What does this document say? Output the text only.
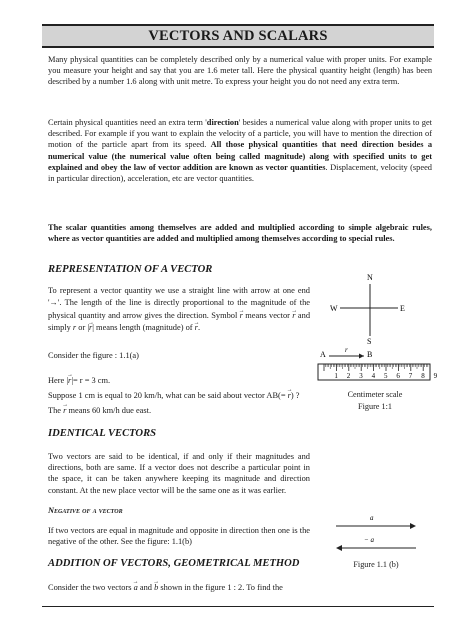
VECTORS AND SCALARS

Many physical quantities can be completely described only by a numerical value with proper units. For example you measure your height and say that you are 1.6 meter tall. Here the physical quantity height (length) has been described by a number 1.6 along with unit metre. To express your height you do not need any extra term.

Certain physical quantities need an extra term 'direction' besides a numerical value along with proper units to get described. For example if you want to explain the velocity of a particle, you will have to mention the direction of motion of the particle apart from its speed. All those physical quantities that need direction besides a numerical value (the numerical value often being called magnitude) along with specified units to get explained and obey the law of vector addition are known as vector quantities. Displacement, velocity (speed in particular direction), acceleration, etc are vector quantities.

The scalar quantities among themselves are added and multiplied according to simple algebraic rules, where as vector quantities are added and multiplied among themselves according to special rules.

REPRESENTATION OF A VECTOR

To represent a vector quantity we use a straight line with arrow at one end '→'. The length of the line is directly proportional to the magnitude of the physical quantity and arrow gives the direction. Symbol → r means vector → r and simply r or |→ r| means length (magnitude) of → r.

Consider the figure : 1.1(a)

Here |→ r|= r = 3 cm.

Suppose 1 cm is equal to 20 km/h, what can be said about vector AB(= → r) ?

The → r means 60 km/h due east.

N
S
E
W
A	B
r
1 2 3 4 5 6 7 8 9

Centimeter scale

Figure 1:1

IDENTICAL VECTORS

Two vectors are said to be identical, if and only if their magnitudes and directions, both are same. If a vector does not describe a particular point in the space, it can be taken anywhere keeping its magnitude and direction constant. At the new place vector will be the same one as it was earlier.

Negative of a vector

If two vectors are equal in magnitude and opposite in direction then one is the negative of the other. See the figure: 1.1(b)

a
− a

Figure 1.1 (b)

ADDITION OF VECTORS, GEOMETRICAL METHOD

Consider the two vectors → a and → b shown in the figure 1 : 2. To find the
